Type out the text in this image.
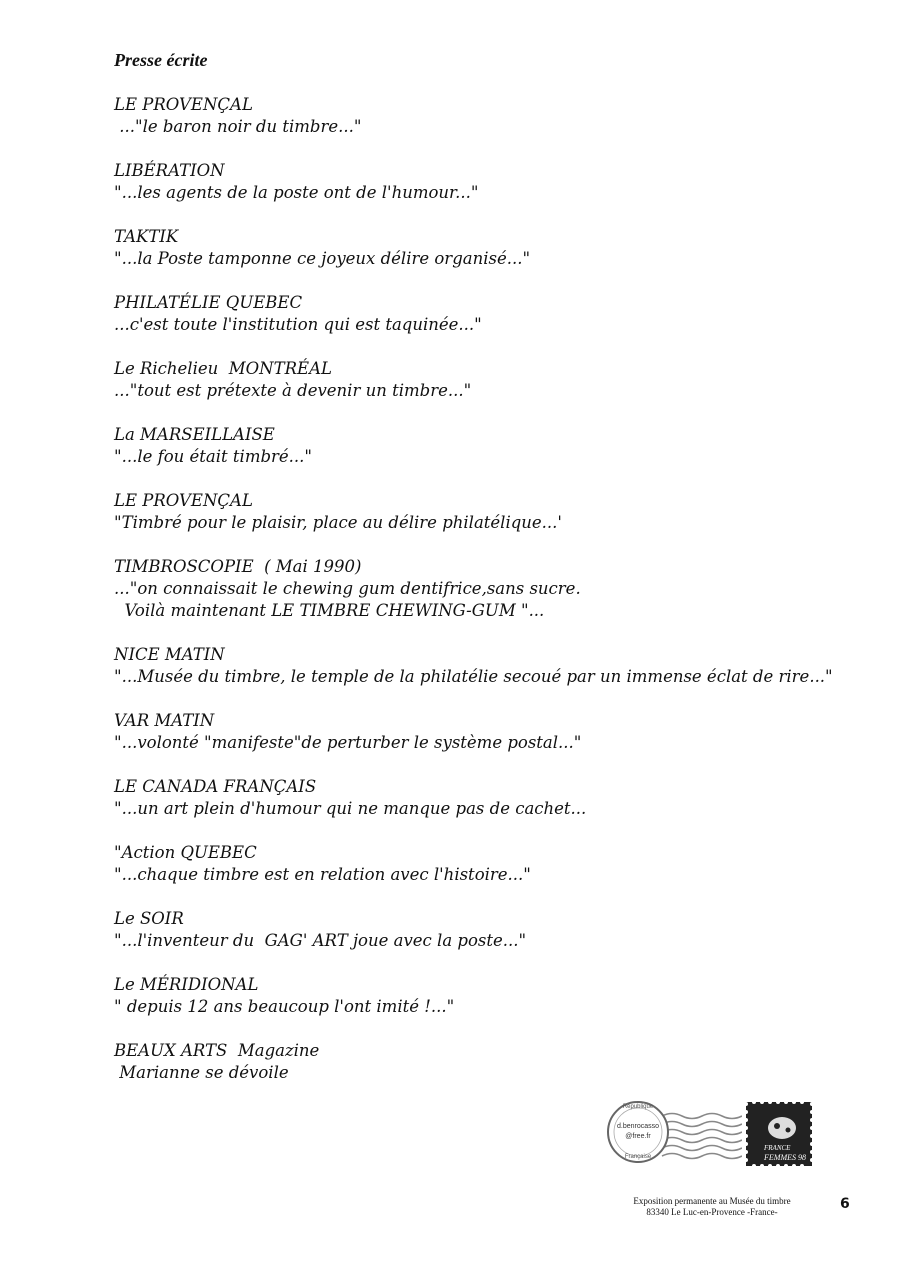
Presse écrite
LE PROVENÇAL
..."le baron noir du timbre..."
LIBÉRATION
"...les agents de la poste ont de l'humour..."
TAKTIK
"...la Poste tamponne ce joyeux délire organisé..."
PHILATÉLIE QUEBEC
...c'est toute l'institution qui est taquinée..."
Le Richelieu  MONTRÉAL
..."tout est prétexte à devenir un timbre..."
La MARSEILLAISE
"...le fou était timbré..."
LE PROVENÇAL
"Timbré pour le plaisir, place au délire philatélique...'
TIMBROSCOPIE  ( Mai 1990)
..."on connaissait le chewing gum dentifrice,sans sucre.
Voilà maintenant LE TIMBRE CHEWING-GUM "...
NICE MATIN
"...Musée du timbre, le temple de la philatélie secoué par un immense éclat de rire..."
VAR MATIN
"...volonté "manifeste"de perturber le système postal..."
LE CANADA FRANÇAIS
"...un art plein d'humour qui ne manque pas de cachet...
"Action QUEBEC
"...chaque timbre est en relation avec l'histoire..."
Le SOIR
"...l'inventeur du  GAG' ART joue avec la poste..."
Le MÉRIDIONAL
" depuis 12 ans beaucoup l'ont imité !..."
BEAUX ARTS  Magazine
Marianne se dévoile
République
d.benrocasso
@free.fr
Française
FRANCE
FEMMES 98
Exposition permanente au Musée du timbre
83340 Le Luc-en-Provence -France-	6
